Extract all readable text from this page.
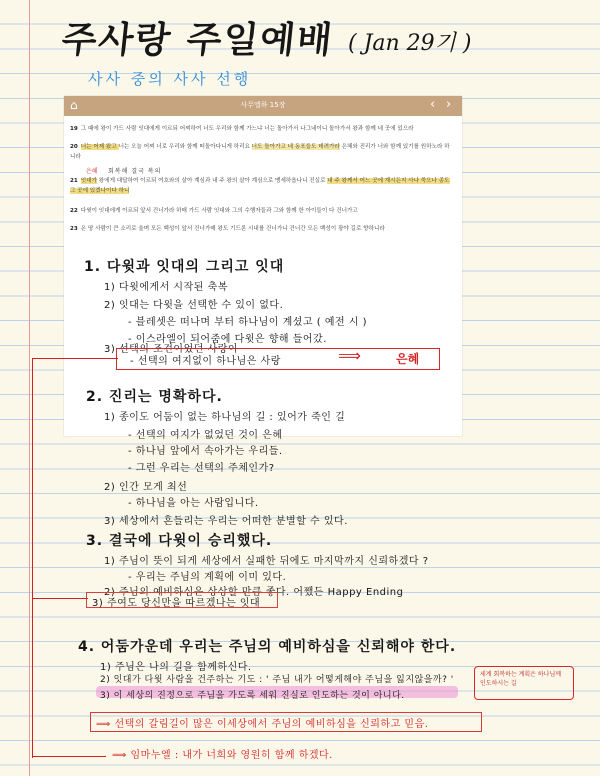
주사랑 주일예배 ( Jan 29기 )
사사 중의 사사 선행
⌂	사무엘하 15장	‹ ›
19 그 때에 왕이 가드 사람 잇대에게 이르되 어찌하여 너도 우리와 함께 가느냐 너는 돌아가서 나그네이니 돌아가서 왕과 함께 네 곳에 있으라
20 너는 어제 왔고 너는 오늘 어찌 너로 우리와 함께 떠돌아다니게 하리요 너도 돌아가고 네 동포들도 데려가라 은혜와 진리가 너와 함께 있기를 원하노라 하니라
은혜 회복해 결국 복의
21 잇대가 왕에게 대답하여 이르되 여호와의 살아 계심과 내 주 왕의 살아 계심으로 맹세하옵나니 진실로 내 주 왕께서 어느 곳에 계시든지 사나 죽으나 종도 그 곳에 있겠나이다 하니
22 다윗이 잇대에게 이르되 앞서 건너가라 하매 가드 사람 잇대와 그의 수행자들과 그와 함께 한 아이들이 다 건너가고
23 온 땅 사람이 큰 소리로 울며 모든 백성이 앞서 건너가매 왕도 기드론 시내를 건너가니 건너간 모든 백성이 광야 길로 향하니라
1. 다윗과 잇대의 그리고 잇대
1) 다윗에게서 시작된 축복
2) 잇대는 다윗을 선택한 수 있이 없다.
- 블레셋은 떠나며 부터 하나님이 계셨고 ( 예전 시 )
- 이스라엘이 되어줌에 다윗은 향해 들어갔.
3) 선택의 조건이었던 사랑이
- 선택의 여지없이 하나님은 사랑	⟹	은혜
2. 진리는 명확하다.
1) 종이도 어둠이 없는 하나님의 길 : 있어가 죽인 길
- 선택의 여지가 없었던 것이 은혜
- 하나님 앞에서 속아가는 우리들.
- 그런 우리는 선택의 주체인가?
2) 인간 모게 최선
- 하나님을 아는 사람입니다.
3) 세상에서 흔들리는 우리는 어떠한 분별할 수 있다.
3. 결국에 다윗이 승리했다.
1) 주님이 뜻이 되게 세상에서 실패한 뒤에도 마지막까지 신뢰하겠다 ?
- 우리는 주님의 계획에 이미 있다.
2) 주님의 예비하심은 상상할 만큼 좋다. 어쨌든 Happy Ending
3) 주여도 당신만을 따르겠나는 잇대
4. 어둠가운데 우리는 주님의 예비하심을 신뢰해야 한다.
1) 주님은 나의 길을 함께하신다.
2) 잇대가 다윗 사람을 건주하는 기도 : ' 주님 내가 어떻게해야 주님을 잃지않을까? '
3) 이 세상의 진정으로 주님을 가도록 세워 진실로 인도하는 것이 아니다.
세계 회복하는 계획은 하나님께 인도하시는 길
⟹ 선택의 갈림길이 많은 이세상에서 주님의 예비하심을 신뢰하고 믿음.
⟹ 임마누엘 : 내가 너희와 영원히 함께 하겠다.
